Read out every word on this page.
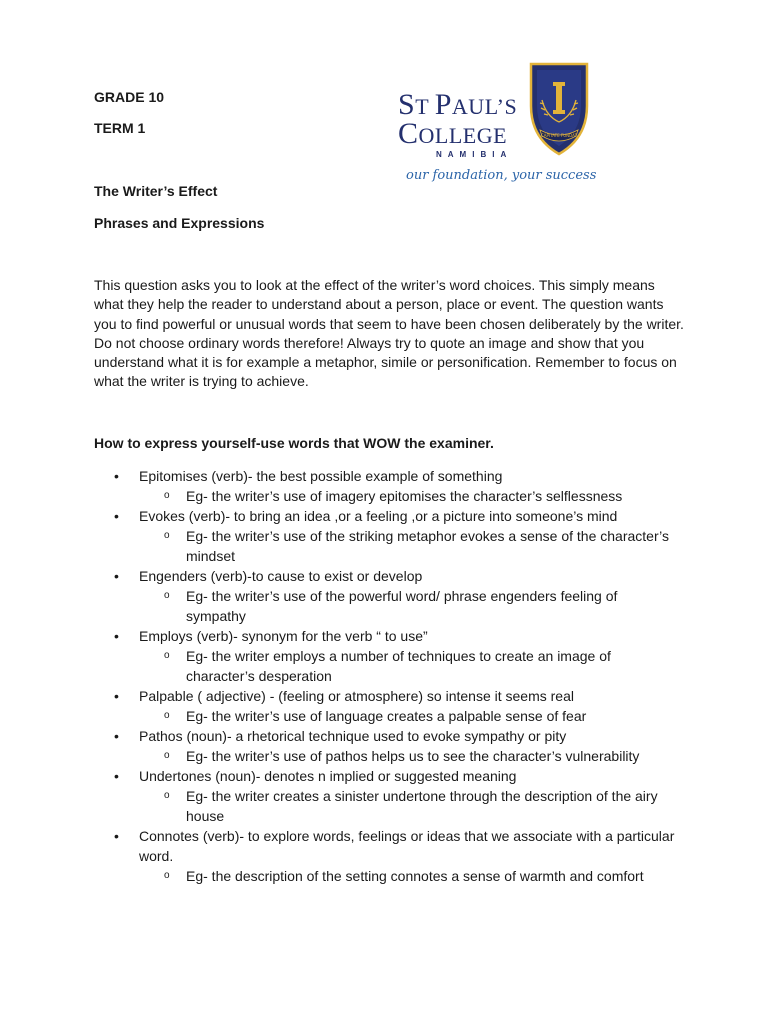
GRADE 10
TERM 1
The Writer’s Effect
Phrases and Expressions
ST PAUL’S
COLLEGE
NAMIBIA
our foundation, your success
CAPITATE FUNDAT

This question asks you to look at the effect of the writer’s word choices. This simply means what they help the reader to understand about a person, place or event. The question wants you to find powerful or unusual words that seem to have been chosen deliberately by the writer. Do not choose ordinary words therefore! Always try to quote an image and show that you understand what it is for example a metaphor, simile or personification. Remember to focus on what the writer is trying to achieve.

How to express yourself-use words that WOW the examiner.
• Epitomises (verb)- the best possible example of something
o Eg- the writer’s use of imagery epitomises the character’s selflessness
• Evokes (verb)- to bring an idea ,or a feeling ,or a picture into someone’s mind
o Eg- the writer’s use of the striking metaphor evokes a sense of the character’s mindset
• Engenders (verb)-to cause to exist or develop
o Eg- the writer’s use of the powerful word/ phrase engenders feeling of sympathy
• Employs (verb)- synonym for the verb “ to use”
o Eg- the writer employs a number of techniques to create an image of character’s desperation
• Palpable ( adjective) - (feeling or atmosphere) so intense it seems real
o Eg- the writer’s use of language creates a palpable sense of fear
• Pathos (noun)- a rhetorical technique used to evoke sympathy or pity
o Eg- the writer’s use of pathos helps us to see the character’s vulnerability
• Undertones (noun)- denotes n implied or suggested meaning
o Eg- the writer creates a sinister undertone through the description of the airy house
• Connotes (verb)- to explore words, feelings or ideas that we associate with a particular word.
o Eg- the description of the setting connotes a sense of warmth and comfort
